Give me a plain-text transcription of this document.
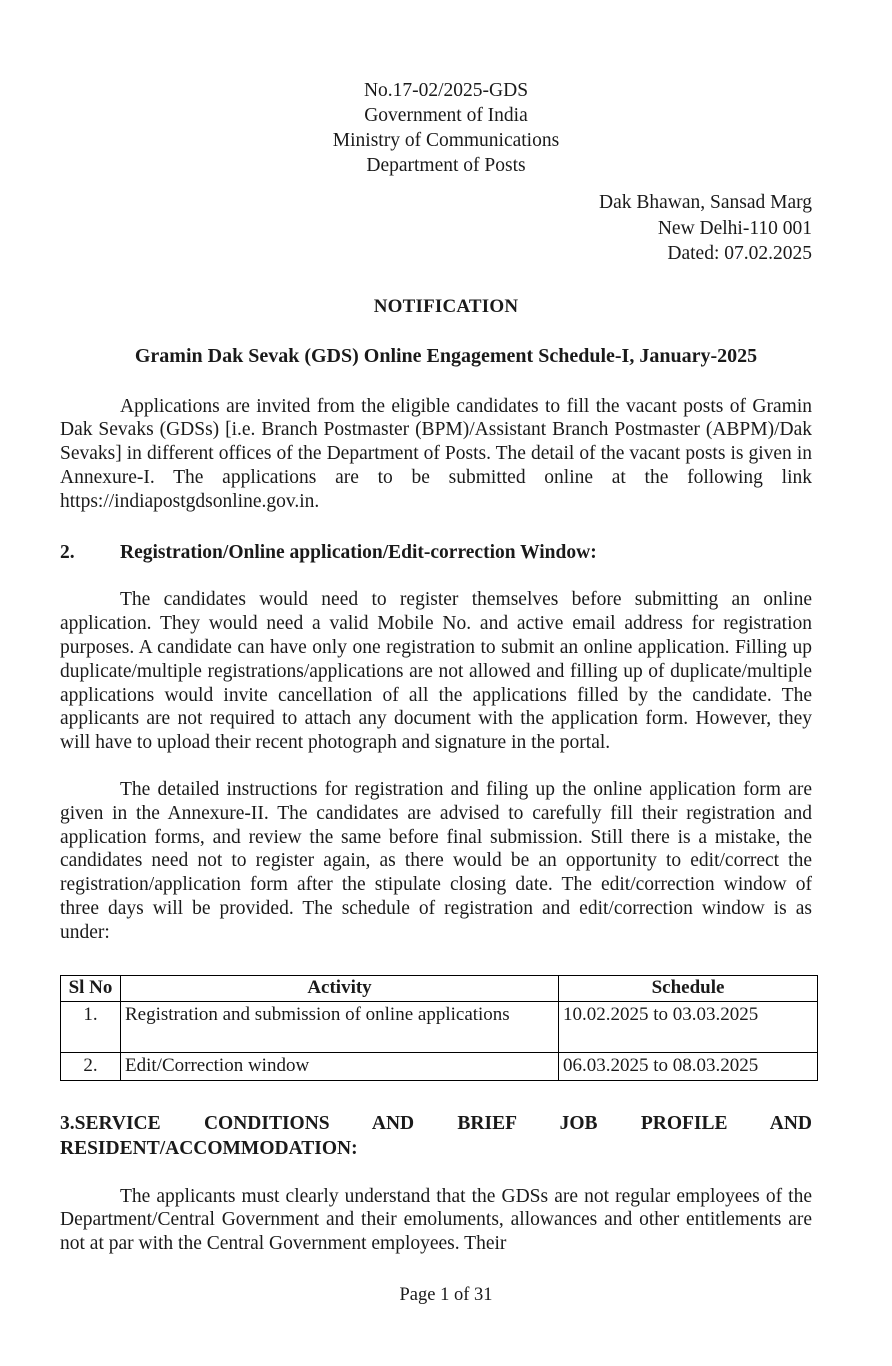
No.17-02/2025-GDS
Government of India
Ministry of Communications
Department of Posts
Dak Bhawan, Sansad Marg
New Delhi-110 001
Dated: 07.02.2025
NOTIFICATION
Gramin Dak Sevak (GDS) Online Engagement Schedule-I, January-2025

Applications are invited from the eligible candidates to fill the vacant posts of Gramin Dak Sevaks (GDSs) [i.e. Branch Postmaster (BPM)/Assistant Branch Postmaster (ABPM)/Dak Sevaks] in different offices of the Department of Posts. The detail of the vacant posts is given in Annexure-I. The applications are to be submitted online at the following link https://indiapostgdsonline.gov.in.

2.	Registration/Online application/Edit-correction Window:

The candidates would need to register themselves before submitting an online application. They would need a valid Mobile No. and active email address for registration purposes. A candidate can have only one registration to submit an online application. Filling up duplicate/multiple registrations/applications are not allowed and filling up of duplicate/multiple applications would invite cancellation of all the applications filled by the candidate. The applicants are not required to attach any document with the application form. However, they will have to upload their recent photograph and signature in the portal.

The detailed instructions for registration and filing up the online application form are given in the Annexure-II. The candidates are advised to carefully fill their registration and application forms, and review the same before final submission. Still there is a mistake, the candidates need not to register again, as there would be an opportunity to edit/correct the registration/application form after the stipulate closing date. The edit/correction window of three days will be provided. The schedule of registration and edit/correction window is as under:

Sl No	Activity	Schedule
1.	Registration and submission of online applications	10.02.2025 to 03.03.2025
2.	Edit/Correction window	06.03.2025 to 08.03.2025
3.SERVICE CONDITIONS AND BRIEF JOB PROFILE AND
RESIDENT/ACCOMMODATION:

The applicants must clearly understand that the GDSs are not regular employees of the Department/Central Government and their emoluments, allowances and other entitlements are not at par with the Central Government employees. Their

Page 1 of 31
